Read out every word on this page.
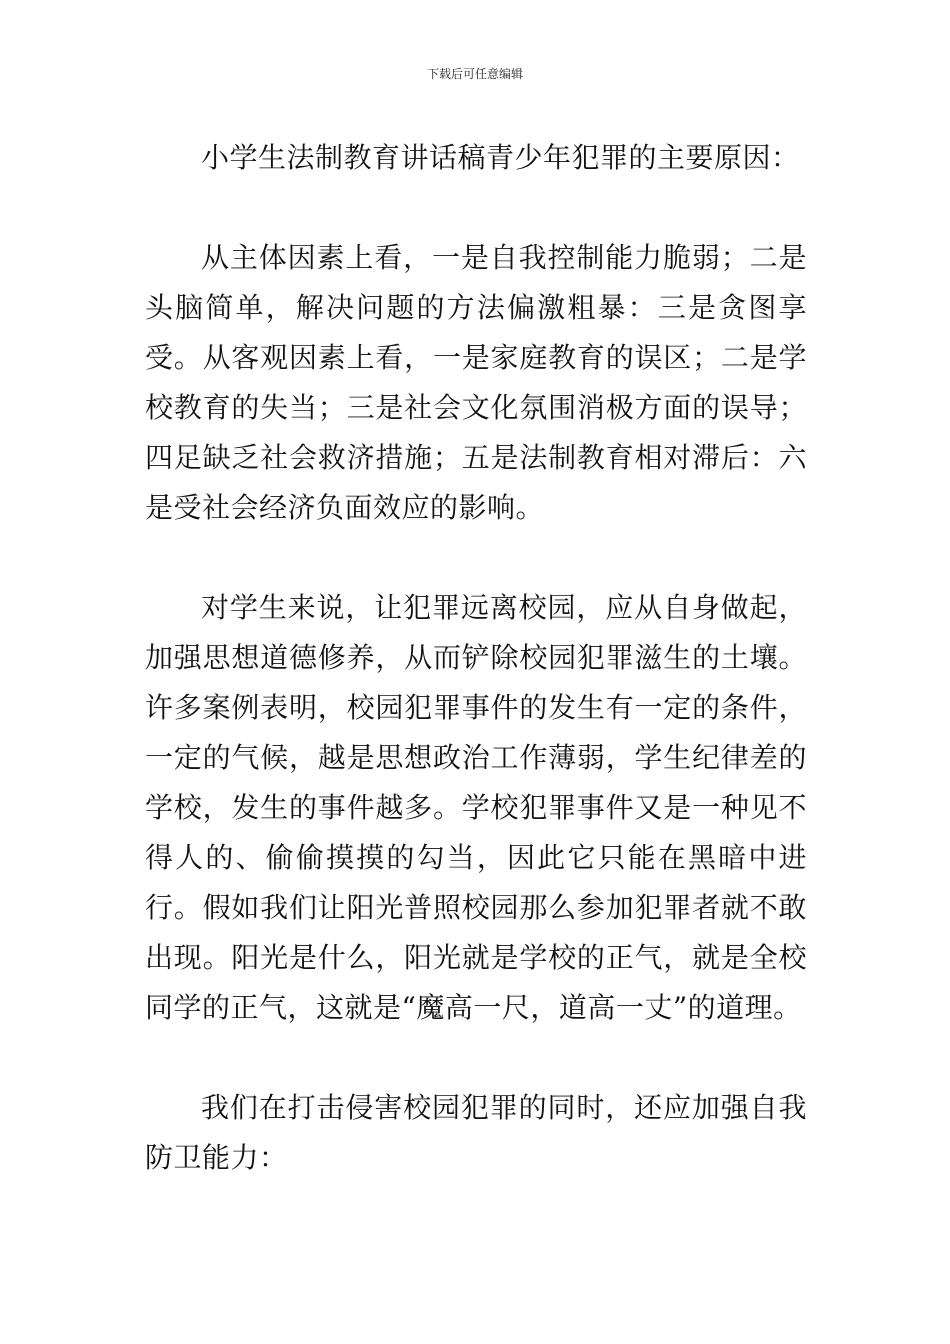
下载后可任意编辑

小学生法制教育讲话稿青少年犯罪的主要原因：

从主体因素上看，一是自我控制能力脆弱；二是头脑简单，解决问题的方法偏激粗暴：三是贪图享受。从客观因素上看，一是家庭教育的误区；二是学校教育的失当；三是社会文化氛围消极方面的误导；四足缺乏社会救济措施；五是法制教育相对滞后：六是受社会经济负面效应的影响。

对学生来说，让犯罪远离校园，应从自身做起，加强思想道德修养，从而铲除校园犯罪滋生的土壤。许多案例表明，校园犯罪事件的发生有一定的条件，一定的气候，越是思想政治工作薄弱，学生纪律差的学校，发生的事件越多。学校犯罪事件又是一种见不得人的、偷偷摸摸的勾当，因此它只能在黑暗中进行。假如我们让阳光普照校园那么参加犯罪者就不敢出现。阳光是什么，阳光就是学校的正气，就是全校同学的正气，这就是“魔高一尺，道高一丈”的道理。

我们在打击侵害校园犯罪的同时，还应加强自我防卫能力：
